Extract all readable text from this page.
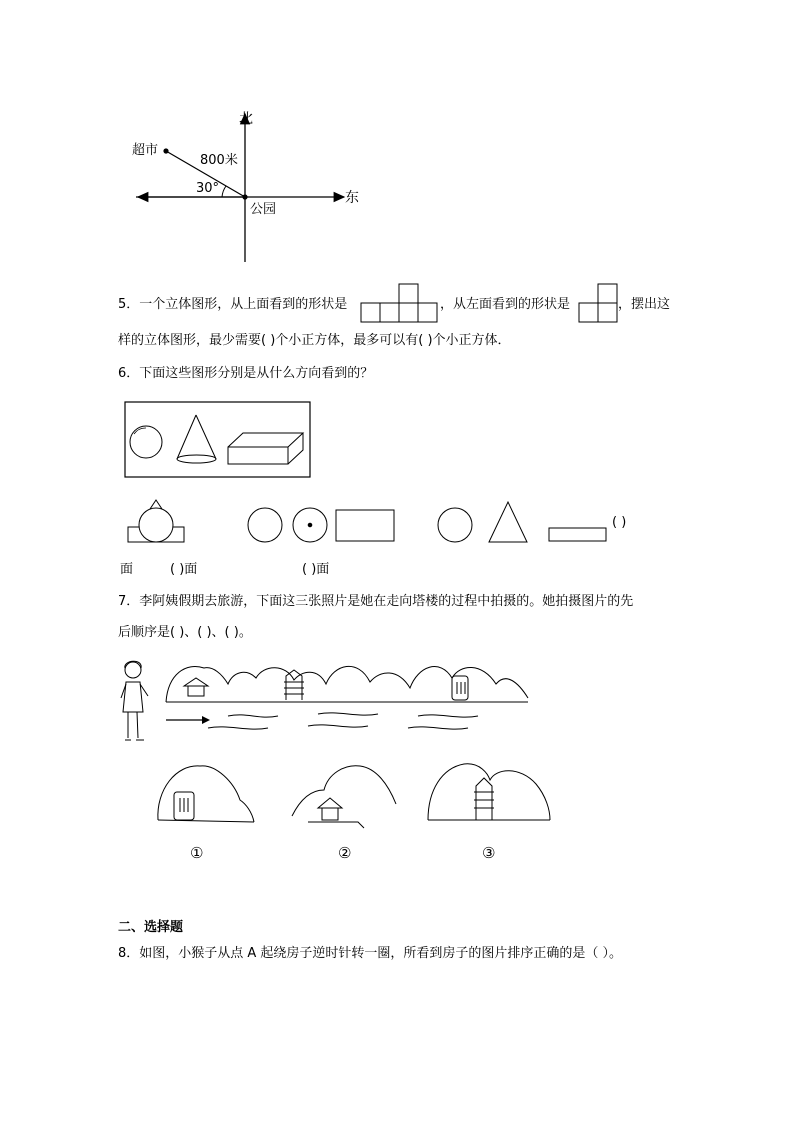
北
东
超市
800米
30°
公园
5．一个立体图形，从上面看到的形状是	，从左面看到的形状是	，摆出这
样的立体图形，最少需要( )个小正方体，最多可以有( )个小正方体．
6．下面这些图形分别是从什么方向看到的？
( )
面	( )面	( )面
7．李阿姨假期去旅游，下面这三张照片是她在走向塔楼的过程中拍摄的。她拍摄图片的先
后顺序是( )、( )、( )。
①	②	③
二、选择题
8．如图，小猴子从点 A 起绕房子逆时针转一圈，所看到房子的图片排序正确的是（ ）。
